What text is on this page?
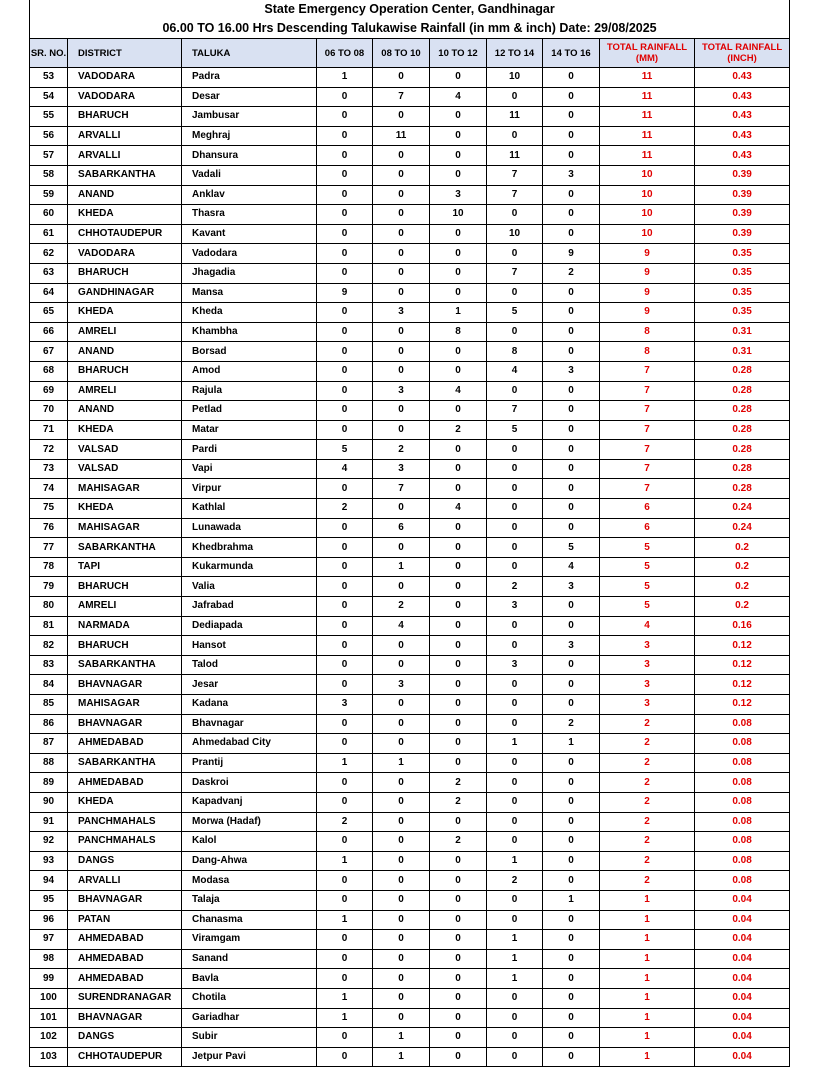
State Emergency Operation Center, Gandhinagar									
06.00 TO 16.00 Hrs Descending Talukawise Rainfall (in mm & inch) Date: 29/08/2025									
SR. NO.	DISTRICT	TALUKA	06 TO 08	08 TO 10	10 TO 12	12 TO 14	14 TO 16	TOTAL RAINFALL (MM)	TOTAL RAINFALL (INCH)
53	VADODARA	Padra	1	0	0	10	0	11	0.43
54	VADODARA	Desar	0	7	4	0	0	11	0.43
55	BHARUCH	Jambusar	0	0	0	11	0	11	0.43
56	ARVALLI	Meghraj	0	11	0	0	0	11	0.43
57	ARVALLI	Dhansura	0	0	0	11	0	11	0.43
58	SABARKANTHA	Vadali	0	0	0	7	3	10	0.39
59	ANAND	Anklav	0	0	3	7	0	10	0.39
60	KHEDA	Thasra	0	0	10	0	0	10	0.39
61	CHHOTAUDEPUR	Kavant	0	0	0	10	0	10	0.39
62	VADODARA	Vadodara	0	0	0	0	9	9	0.35
63	BHARUCH	Jhagadia	0	0	0	7	2	9	0.35
64	GANDHINAGAR	Mansa	9	0	0	0	0	9	0.35
65	KHEDA	Kheda	0	3	1	5	0	9	0.35
66	AMRELI	Khambha	0	0	8	0	0	8	0.31
67	ANAND	Borsad	0	0	0	8	0	8	0.31
68	BHARUCH	Amod	0	0	0	4	3	7	0.28
69	AMRELI	Rajula	0	3	4	0	0	7	0.28
70	ANAND	Petlad	0	0	0	7	0	7	0.28
71	KHEDA	Matar	0	0	2	5	0	7	0.28
72	VALSAD	Pardi	5	2	0	0	0	7	0.28
73	VALSAD	Vapi	4	3	0	0	0	7	0.28
74	MAHISAGAR	Virpur	0	7	0	0	0	7	0.28
75	KHEDA	Kathlal	2	0	4	0	0	6	0.24
76	MAHISAGAR	Lunawada	0	6	0	0	0	6	0.24
77	SABARKANTHA	Khedbrahma	0	0	0	0	5	5	0.2
78	TAPI	Kukarmunda	0	1	0	0	4	5	0.2
79	BHARUCH	Valia	0	0	0	2	3	5	0.2
80	AMRELI	Jafrabad	0	2	0	3	0	5	0.2
81	NARMADA	Dediapada	0	4	0	0	0	4	0.16
82	BHARUCH	Hansot	0	0	0	0	3	3	0.12
83	SABARKANTHA	Talod	0	0	0	3	0	3	0.12
84	BHAVNAGAR	Jesar	0	3	0	0	0	3	0.12
85	MAHISAGAR	Kadana	3	0	0	0	0	3	0.12
86	BHAVNAGAR	Bhavnagar	0	0	0	0	2	2	0.08
87	AHMEDABAD	Ahmedabad City	0	0	0	1	1	2	0.08
88	SABARKANTHA	Prantij	1	1	0	0	0	2	0.08
89	AHMEDABAD	Daskroi	0	0	2	0	0	2	0.08
90	KHEDA	Kapadvanj	0	0	2	0	0	2	0.08
91	PANCHMAHALS	Morwa (Hadaf)	2	0	0	0	0	2	0.08
92	PANCHMAHALS	Kalol	0	0	2	0	0	2	0.08
93	DANGS	Dang-Ahwa	1	0	0	1	0	2	0.08
94	ARVALLI	Modasa	0	0	0	2	0	2	0.08
95	BHAVNAGAR	Talaja	0	0	0	0	1	1	0.04
96	PATAN	Chanasma	1	0	0	0	0	1	0.04
97	AHMEDABAD	Viramgam	0	0	0	1	0	1	0.04
98	AHMEDABAD	Sanand	0	0	0	1	0	1	0.04
99	AHMEDABAD	Bavla	0	0	0	1	0	1	0.04
100	SURENDRANAGAR	Chotila	1	0	0	0	0	1	0.04
101	BHAVNAGAR	Gariadhar	1	0	0	0	0	1	0.04
102	DANGS	Subir	0	1	0	0	0	1	0.04
103	CHHOTAUDEPUR	Jetpur Pavi	0	1	0	0	0	1	0.04
